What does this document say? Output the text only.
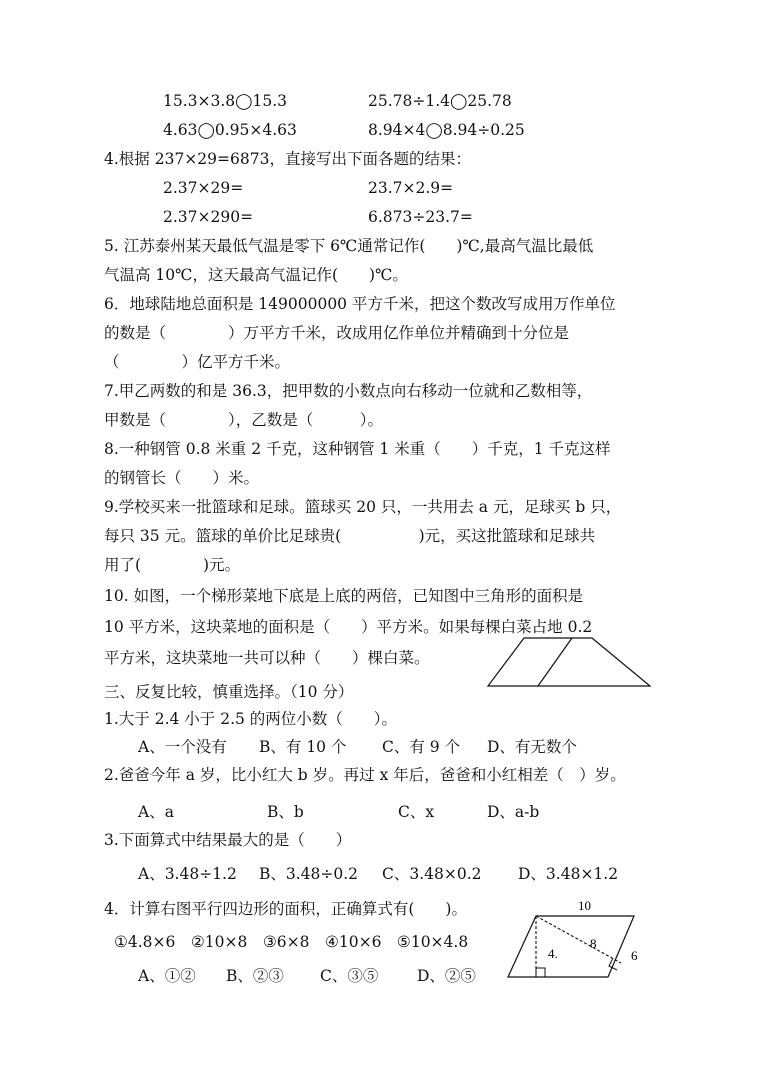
15.3×3.8◯15.3	25.78÷1.4◯25.78
4.63◯0.95×4.63	8.94×4◯8.94÷0.25
4.根据 237×29=6873，直接写出下面各题的结果：
2.37×29=	23.7×2.9=
2.37×290=	6.873÷23.7=
5. 江苏泰州某天最低气温是零下 6℃通常记作(　　)℃,最高气温比最低
气温高 10℃，这天最高气温记作(　　)℃。
6．地球陆地总面积是 149000000 平方千米，把这个数改写成用万作单位
的数是（　　　　）万平方千米，改成用亿作单位并精确到十分位是
（　　　　）亿平方千米。
7.甲乙两数的和是 36.3，把甲数的小数点向右移动一位就和乙数相等，
甲数是（　　　　），乙数是（　　　）。
8.一种钢管 0.8 米重 2 千克，这种钢管 1 米重（　　）千克，1 千克这样
的钢管长（　　）米。
9.学校买来一批篮球和足球。篮球买 20 只，一共用去 a 元，足球买 b 只，
每只 35 元。篮球的单价比足球贵(　　　　　)元，买这批篮球和足球共
用了(　　　　)元。
10. 如图，一个梯形菜地下底是上底的两倍，已知图中三角形的面积是
10 平方米，这块菜地的面积是（　　）平方米。如果每棵白菜占地 0.2
平方米，这块菜地一共可以种（　　）棵白菜。
三、反复比较，慎重选择。（10 分）
1.大于 2.4 小于 2.5 的两位小数（　　）。
A、一个没有 B、有 10 个 C、有 9 个 D、有无数个
2.爸爸今年 a 岁，比小红大 b 岁。再过 x 年后，爸爸和小红相差（　）岁。
A、a	B、b	C、x	D、a-b
3.下面算式中结果最大的是（　　）
A、3.48÷1.2 B、3.48÷0.2 C、3.48×0.2 D、3.48×1.2
4．计算右图平行四边形的面积，正确算式有(　　)。
①4.8×6　②10×8　③6×8　④10×6　⑤10×4.8
A、①② B、②③ C、③⑤ D、②⑤
10
8
4.	6
